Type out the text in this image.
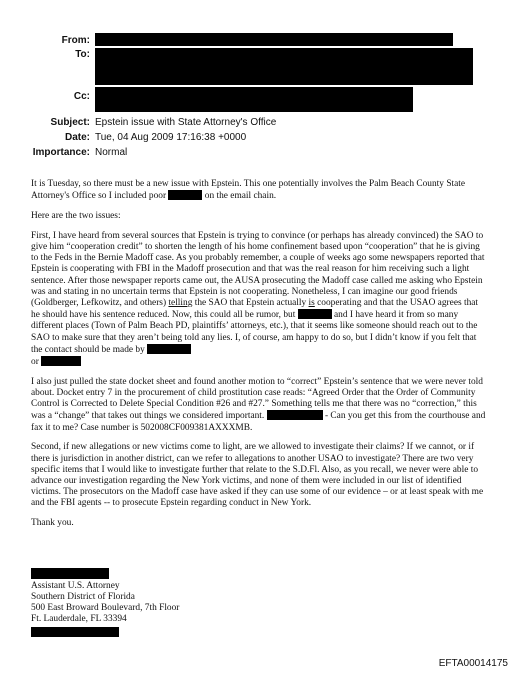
From:
To:
Cc:
Subject: Epstein issue with State Attorney's Office
Date: Tue, 04 Aug 2009 17:16:38 +0000
Importance: Normal

It is Tuesday, so there must be a new issue with Epstein. This one potentially involves the Palm Beach County State Attorney's Office so I included poor	on the email chain.

Here are the two issues:

First, I have heard from several sources that Epstein is trying to convince (or perhaps has already convinced) the SAO to give him “cooperation credit” to shorten the length of his home confinement based upon “cooperation” that he is giving to the Feds in the Bernie Madoff case. As you probably remember, a couple of weeks ago some newspapers reported that Epstein is cooperating with FBI in the Madoff prosecution and that was the real reason for him receiving such a light sentence. After those newspaper reports came out, the AUSA prosecuting the Madoff case called me asking who Epstein was and stating in no uncertain terms that Epstein is not cooperating. Nonetheless, I can imagine our good friends (Goldberger, Lefkowitz, and others) telling the SAO that Epstein actually is cooperating and that the USAO agrees that he should have his sentence reduced. Now, this could all be rumor, but	and I have heard it from so many different places (Town of Palm Beach PD, plaintiffs’ attorneys, etc.), that it seems like someone should reach out to the SAO to make sure that they aren’t being told any lies. I, of course, am happy to do so, but I didn’t know if you felt that the contact should be made by
or

I also just pulled the state docket sheet and found another motion to “correct” Epstein’s sentence that we were never told about. Docket entry 7 in the procurement of child prostitution case reads: “Agreed Order that the Order of Community Control is Corrected to Delete Special Condition #26 and #27.” Something tells me that there was no “correction,” this was a “change” that takes out things we considered important.	- Can you get this from the courthouse and fax it to me? Case number is 502008CF009381AXXXMB.

Second, if new allegations or new victims come to light, are we allowed to investigate their claims? If we cannot, or if there is jurisdiction in another district, can we refer to allegations to another USAO to investigate? There are two very specific items that I would like to investigate further that relate to the S.D.Fl. Also, as you recall, we never were able to advance our investigation regarding the New York victims, and none of them were included in our list of identified victims. The prosecutors on the Madoff case have asked if they can use some of our evidence – or at least speak with me and the FBI agents -- to prosecute Epstein regarding conduct in New York.

Thank you.

Assistant U.S. Attorney
Southern District of Florida
500 East Broward Boulevard, 7th Floor
Ft. Lauderdale, FL 33394
EFTA00014175
